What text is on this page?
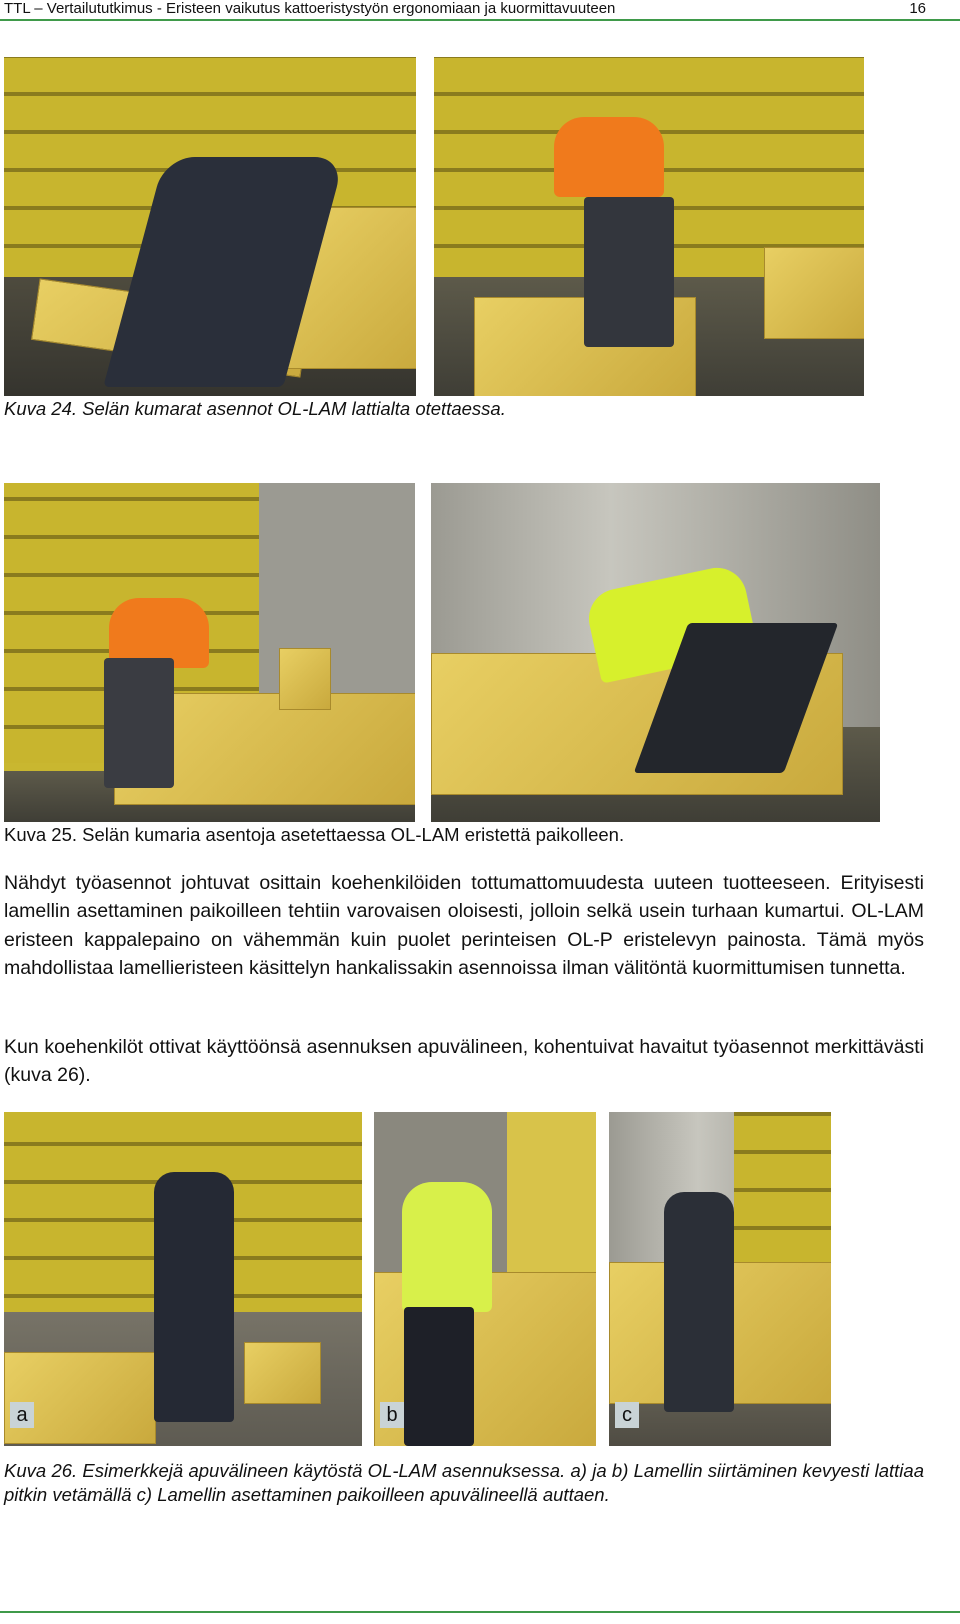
TTL – Vertailututkimus - Eristeen vaikutus kattoeristystyön ergonomiaan ja kuormittavuuteen	16
Kuva 24. Selän kumarat asennot OL-LAM lattialta otettaessa.
Kuva 25. Selän kumaria asentoja asetettaessa OL-LAM eristettä paikolleen.
Nähdyt työasennot johtuvat osittain koehenkilöiden tottumattomuudesta uuteen tuotteeseen. Erityisesti lamellin asettaminen paikoilleen tehtiin varovaisen oloisesti, jolloin selkä usein turhaan kumartui. OL-LAM eristeen kappalepaino on vähemmän kuin puolet perinteisen OL-P eristelevyn painosta. Tämä myös mahdollistaa lamellieristeen käsittelyn hankalissakin asennoissa ilman välitöntä kuormittumisen tunnetta.
Kun koehenkilöt ottivat käyttöönsä asennuksen apuvälineen, kohentuivat havaitut työasennot merkittävästi (kuva 26).
a	b	c
Kuva 26. Esimerkkejä apuvälineen käytöstä OL-LAM asennuksessa. a) ja b) Lamellin siirtäminen kevyesti lattiaa pitkin vetämällä c) Lamellin asettaminen paikoilleen apuvälineellä auttaen.
